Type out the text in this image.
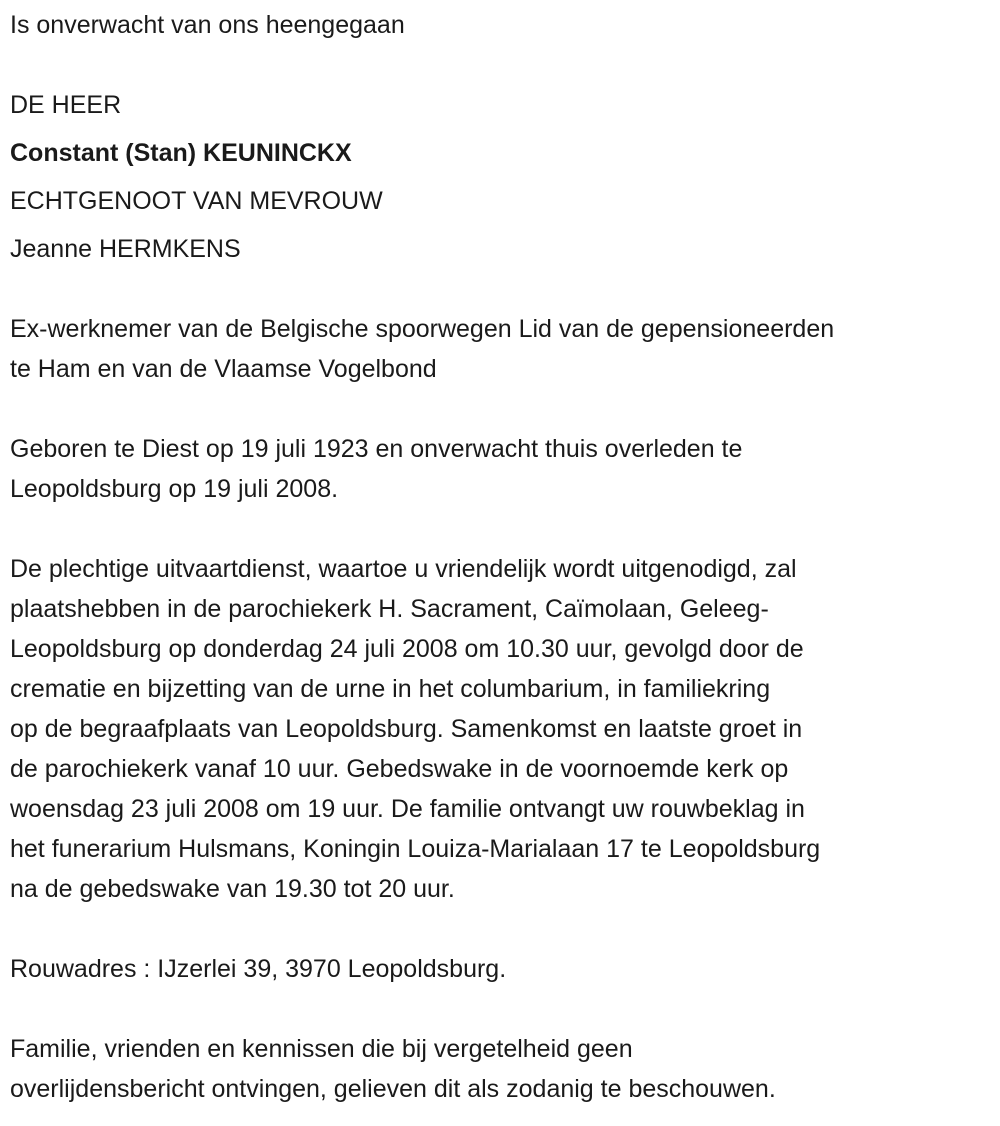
Is onverwacht van ons heengegaan
DE HEER
Constant (Stan) KEUNINCKX
ECHTGENOOT VAN MEVROUW
Jeanne HERMKENS
Ex-werknemer van de Belgische spoorwegen Lid van de gepensioneerden
te Ham en van de Vlaamse Vogelbond
Geboren te Diest op 19 juli 1923 en onverwacht thuis overleden te
Leopoldsburg op 19 juli 2008.
De plechtige uitvaartdienst, waartoe u vriendelijk wordt uitgenodigd, zal
plaatshebben in de parochiekerk H. Sacrament, Caïmolaan, Geleeg-
Leopoldsburg op donderdag 24 juli 2008 om 10.30 uur, gevolgd door de
crematie en bijzetting van de urne in het columbarium, in familiekring
op de begraafplaats van Leopoldsburg. Samenkomst en laatste groet in
de parochiekerk vanaf 10 uur. Gebedswake in de voornoemde kerk op
woensdag 23 juli 2008 om 19 uur. De familie ontvangt uw rouwbeklag in
het funerarium Hulsmans, Koningin Louiza-Marialaan 17 te Leopoldsburg
na de gebedswake van 19.30 tot 20 uur.
Rouwadres : IJzerlei 39, 3970 Leopoldsburg.
Familie, vrienden en kennissen die bij vergetelheid geen
overlijdensbericht ontvingen, gelieven dit als zodanig te beschouwen.
